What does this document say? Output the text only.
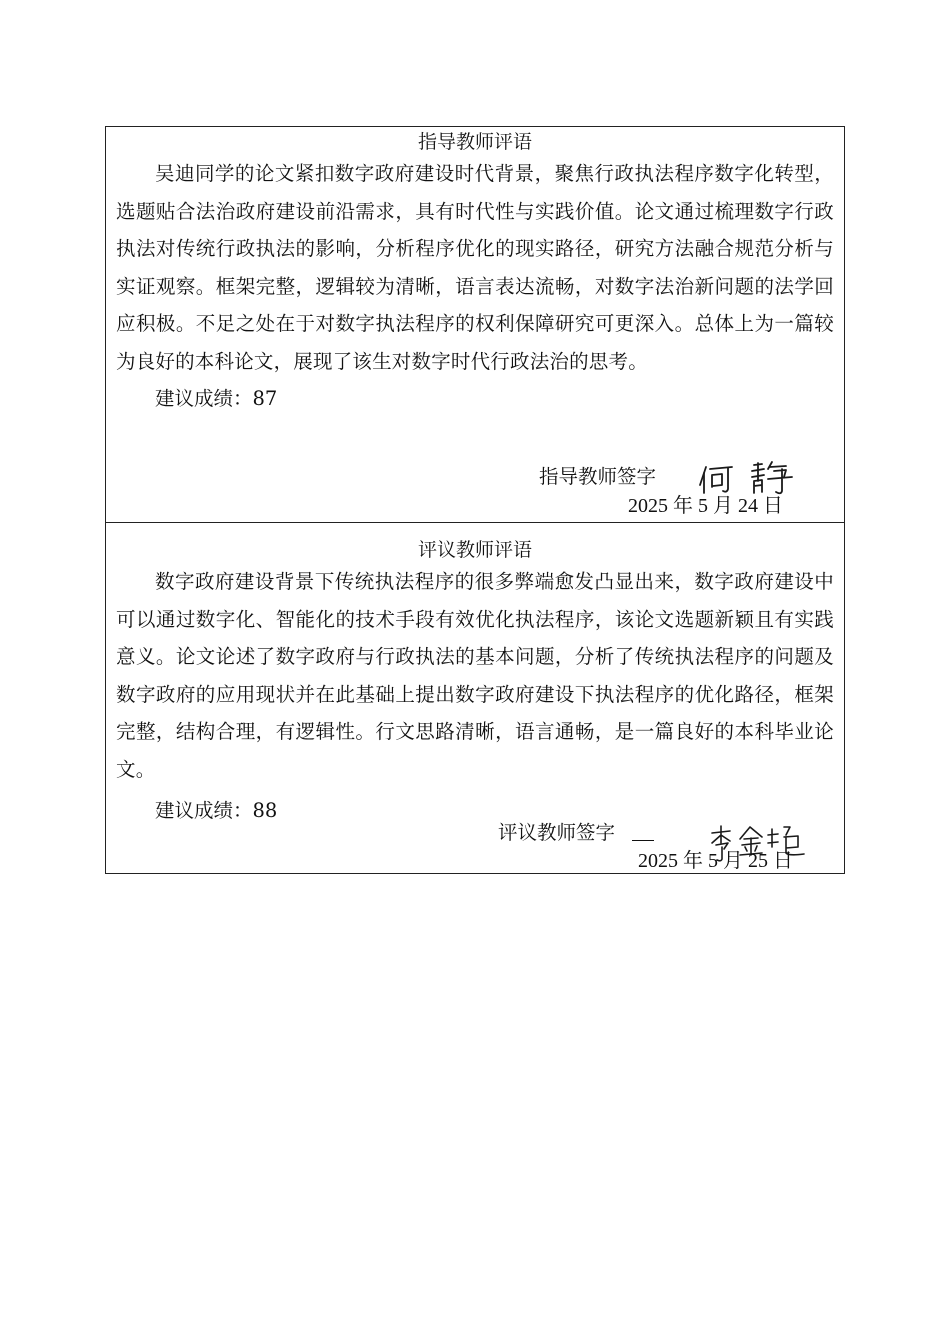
指导教师评语

吴迪同学的论文紧扣数字政府建设时代背景，聚焦行政执法程序数字化转型，选题贴合法治政府建设前沿需求，具有时代性与实践价值。论文通过梳理数字行政执法对传统行政执法的影响，分析程序优化的现实路径，研究方法融合规范分析与实证观察。框架完整，逻辑较为清晰，语言表达流畅，对数字法治新问题的法学回应积极。不足之处在于对数字执法程序的权利保障研究可更深入。总体上为一篇较为良好的本科论文，展现了该生对数字时代行政法治的思考。

建议成绩：87

指导教师签字
2025 年 5 月 24 日
评议教师评语

数字政府建设背景下传统执法程序的很多弊端愈发凸显出来，数字政府建设中可以通过数字化、智能化的技术手段有效优化执法程序，该论文选题新颖且有实践意义。论文论述了数字政府与行政执法的基本问题，分析了传统执法程序的问题及数字政府的应用现状并在此基础上提出数字政府建设下执法程序的优化路径，框架完整，结构合理，有逻辑性。行文思路清晰，语言通畅，是一篇良好的本科毕业论文。

建议成绩：88

评议教师签字
2025 年 5 月 25 日
